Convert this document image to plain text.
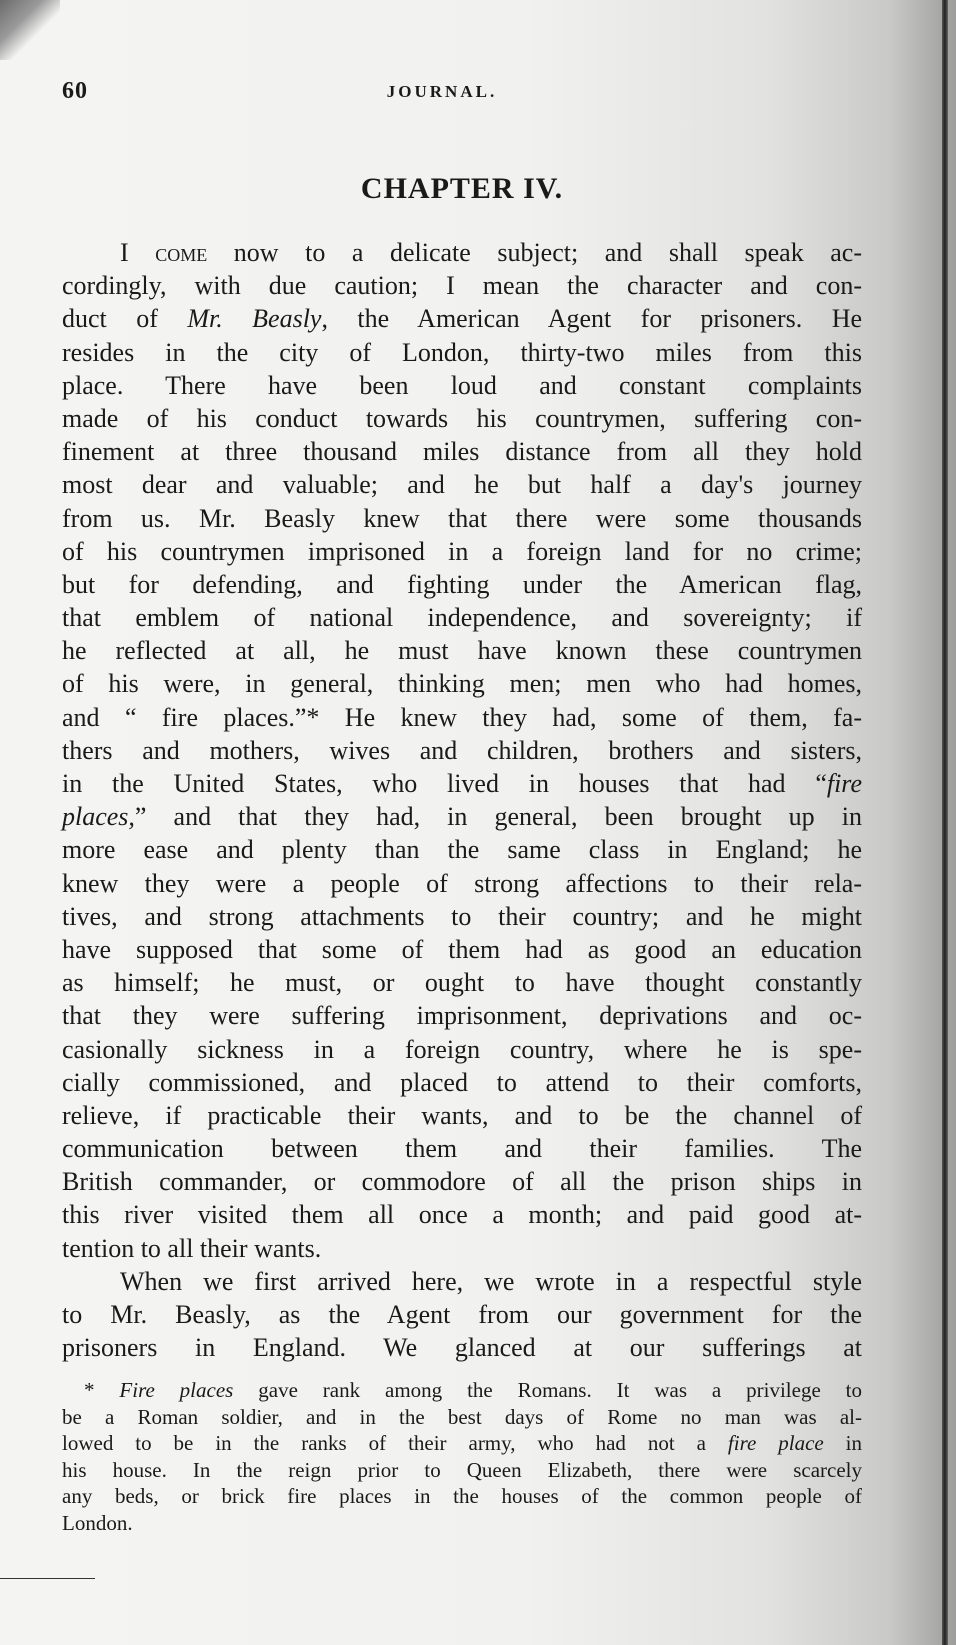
60	JOURNAL.
CHAPTER IV.
I come now to a delicate subject; and shall speak ac-
cordingly, with due caution; I mean the character and con-
duct of Mr. Beasly, the American Agent for prisoners. He
resides in the city of London, thirty-two miles from this
place. There have been loud and constant complaints
made of his conduct towards his countrymen, suffering con-
finement at three thousand miles distance from all they hold
most dear and valuable; and he but half a day's journey
from us. Mr. Beasly knew that there were some thousands
of his countrymen imprisoned in a foreign land for no crime;
but for defending, and fighting under the American flag,
that emblem of national independence, and sovereignty; if
he reflected at all, he must have known these countrymen
of his were, in general, thinking men; men who had homes,
and “ fire places.”* He knew they had, some of them, fa-
thers and mothers, wives and children, brothers and sisters,
in the United States, who lived in houses that had “fire
places,” and that they had, in general, been brought up in
more ease and plenty than the same class in England; he
knew they were a people of strong affections to their rela-
tives, and strong attachments to their country; and he might
have supposed that some of them had as good an education
as himself; he must, or ought to have thought constantly
that they were suffering imprisonment, deprivations and oc-
casionally sickness in a foreign country, where he is spe-
cially commissioned, and placed to attend to their comforts,
relieve, if practicable their wants, and to be the channel of
communication between them and their families. The
British commander, or commodore of all the prison ships in
this river visited them all once a month; and paid good at-
tention to all their wants.
When we first arrived here, we wrote in a respectful style
to Mr. Beasly, as the Agent from our government for the
prisoners in England. We glanced at our sufferings at
* Fire places gave rank among the Romans. It was a privilege to
be a Roman soldier, and in the best days of Rome no man was al-
lowed to be in the ranks of their army, who had not a fire place in
his house. In the reign prior to Queen Elizabeth, there were scarcely
any beds, or brick fire places in the houses of the common people of
London.
